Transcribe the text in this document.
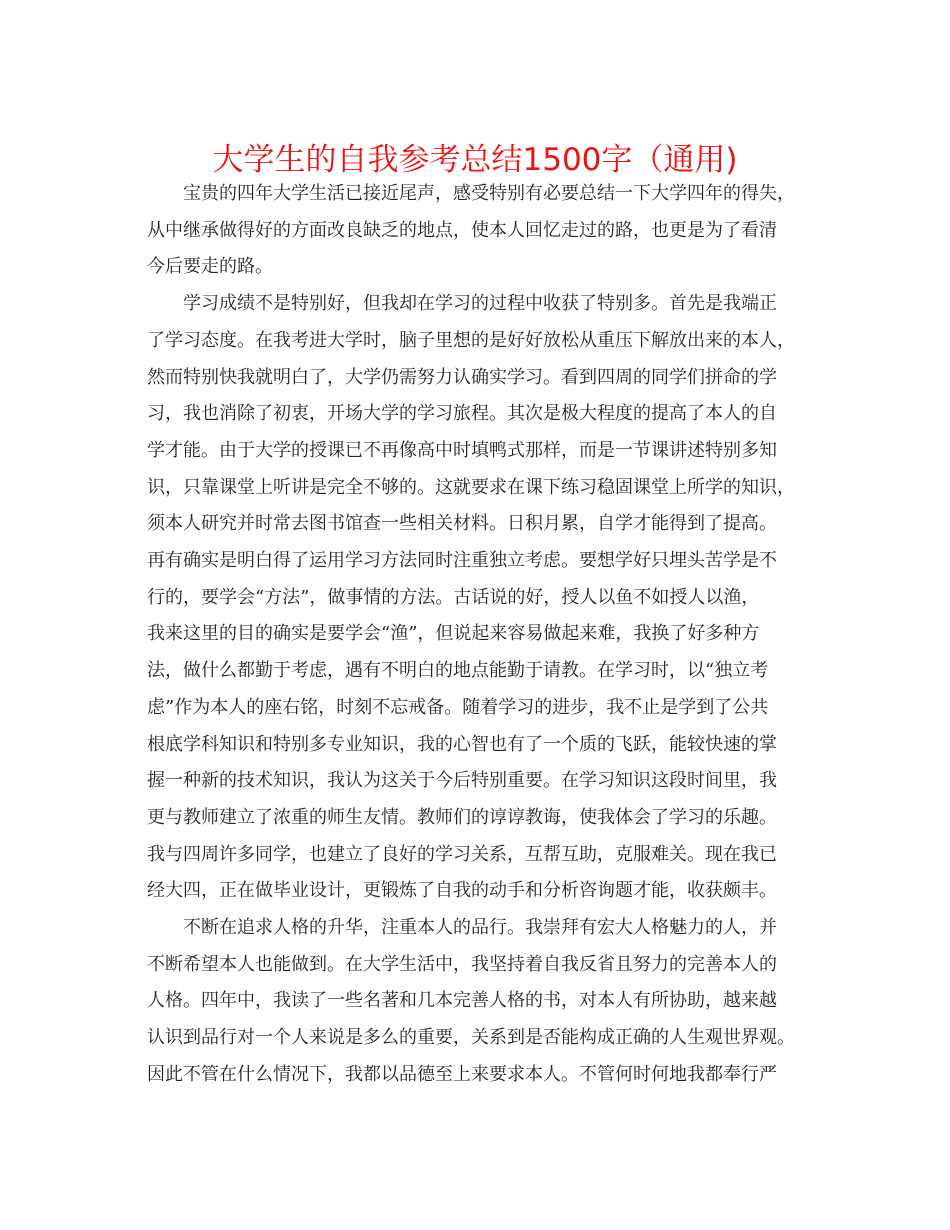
大学生的自我参考总结1500字（通用)

宝贵的四年大学生活已接近尾声，感受特别有必要总结一下大学四年的得失，
从中继承做得好的方面改良缺乏的地点，使本人回忆走过的路，也更是为了看清
今后要走的路。

学习成绩不是特别好，但我却在学习的过程中收获了特别多。首先是我端正
了学习态度。在我考进大学时，脑子里想的是好好放松从重压下解放出来的本人，
然而特别快我就明白了，大学仍需努力认确实学习。看到四周的同学们拼命的学
习，我也消除了初衷，开场大学的学习旅程。其次是极大程度的提高了本人的自
学才能。由于大学的授课已不再像高中时填鸭式那样，而是一节课讲述特别多知
识，只靠课堂上听讲是完全不够的。这就要求在课下练习稳固课堂上所学的知识，
须本人研究并时常去图书馆查一些相关材料。日积月累，自学才能得到了提高。
再有确实是明白得了运用学习方法同时注重独立考虑。要想学好只埋头苦学是不
行的，要学会“方法”，做事情的方法。古话说的好，授人以鱼不如授人以渔，
我来这里的目的确实是要学会“渔”，但说起来容易做起来难，我换了好多种方
法，做什么都勤于考虑，遇有不明白的地点能勤于请教。在学习时，以“独立考
虑”作为本人的座右铭，时刻不忘戒备。随着学习的进步，我不止是学到了公共
根底学科知识和特别多专业知识，我的心智也有了一个质的飞跃，能较快速的掌
握一种新的技术知识，我认为这关于今后特别重要。在学习知识这段时间里，我
更与教师建立了浓重的师生友情。教师们的谆谆教诲，使我体会了学习的乐趣。
我与四周许多同学，也建立了良好的学习关系，互帮互助，克服难关。现在我已
经大四，正在做毕业设计，更锻炼了自我的动手和分析咨询题才能，收获颇丰。

不断在追求人格的升华，注重本人的品行。我崇拜有宏大人格魅力的人，并
不断希望本人也能做到。在大学生活中，我坚持着自我反省且努力的完善本人的
人格。四年中，我读了一些名著和几本完善人格的书，对本人有所协助，越来越
认识到品行对一个人来说是多么的重要，关系到是否能构成正确的人生观世界观。
因此不管在什么情况下，我都以品德至上来要求本人。不管何时何地我都奉行严
